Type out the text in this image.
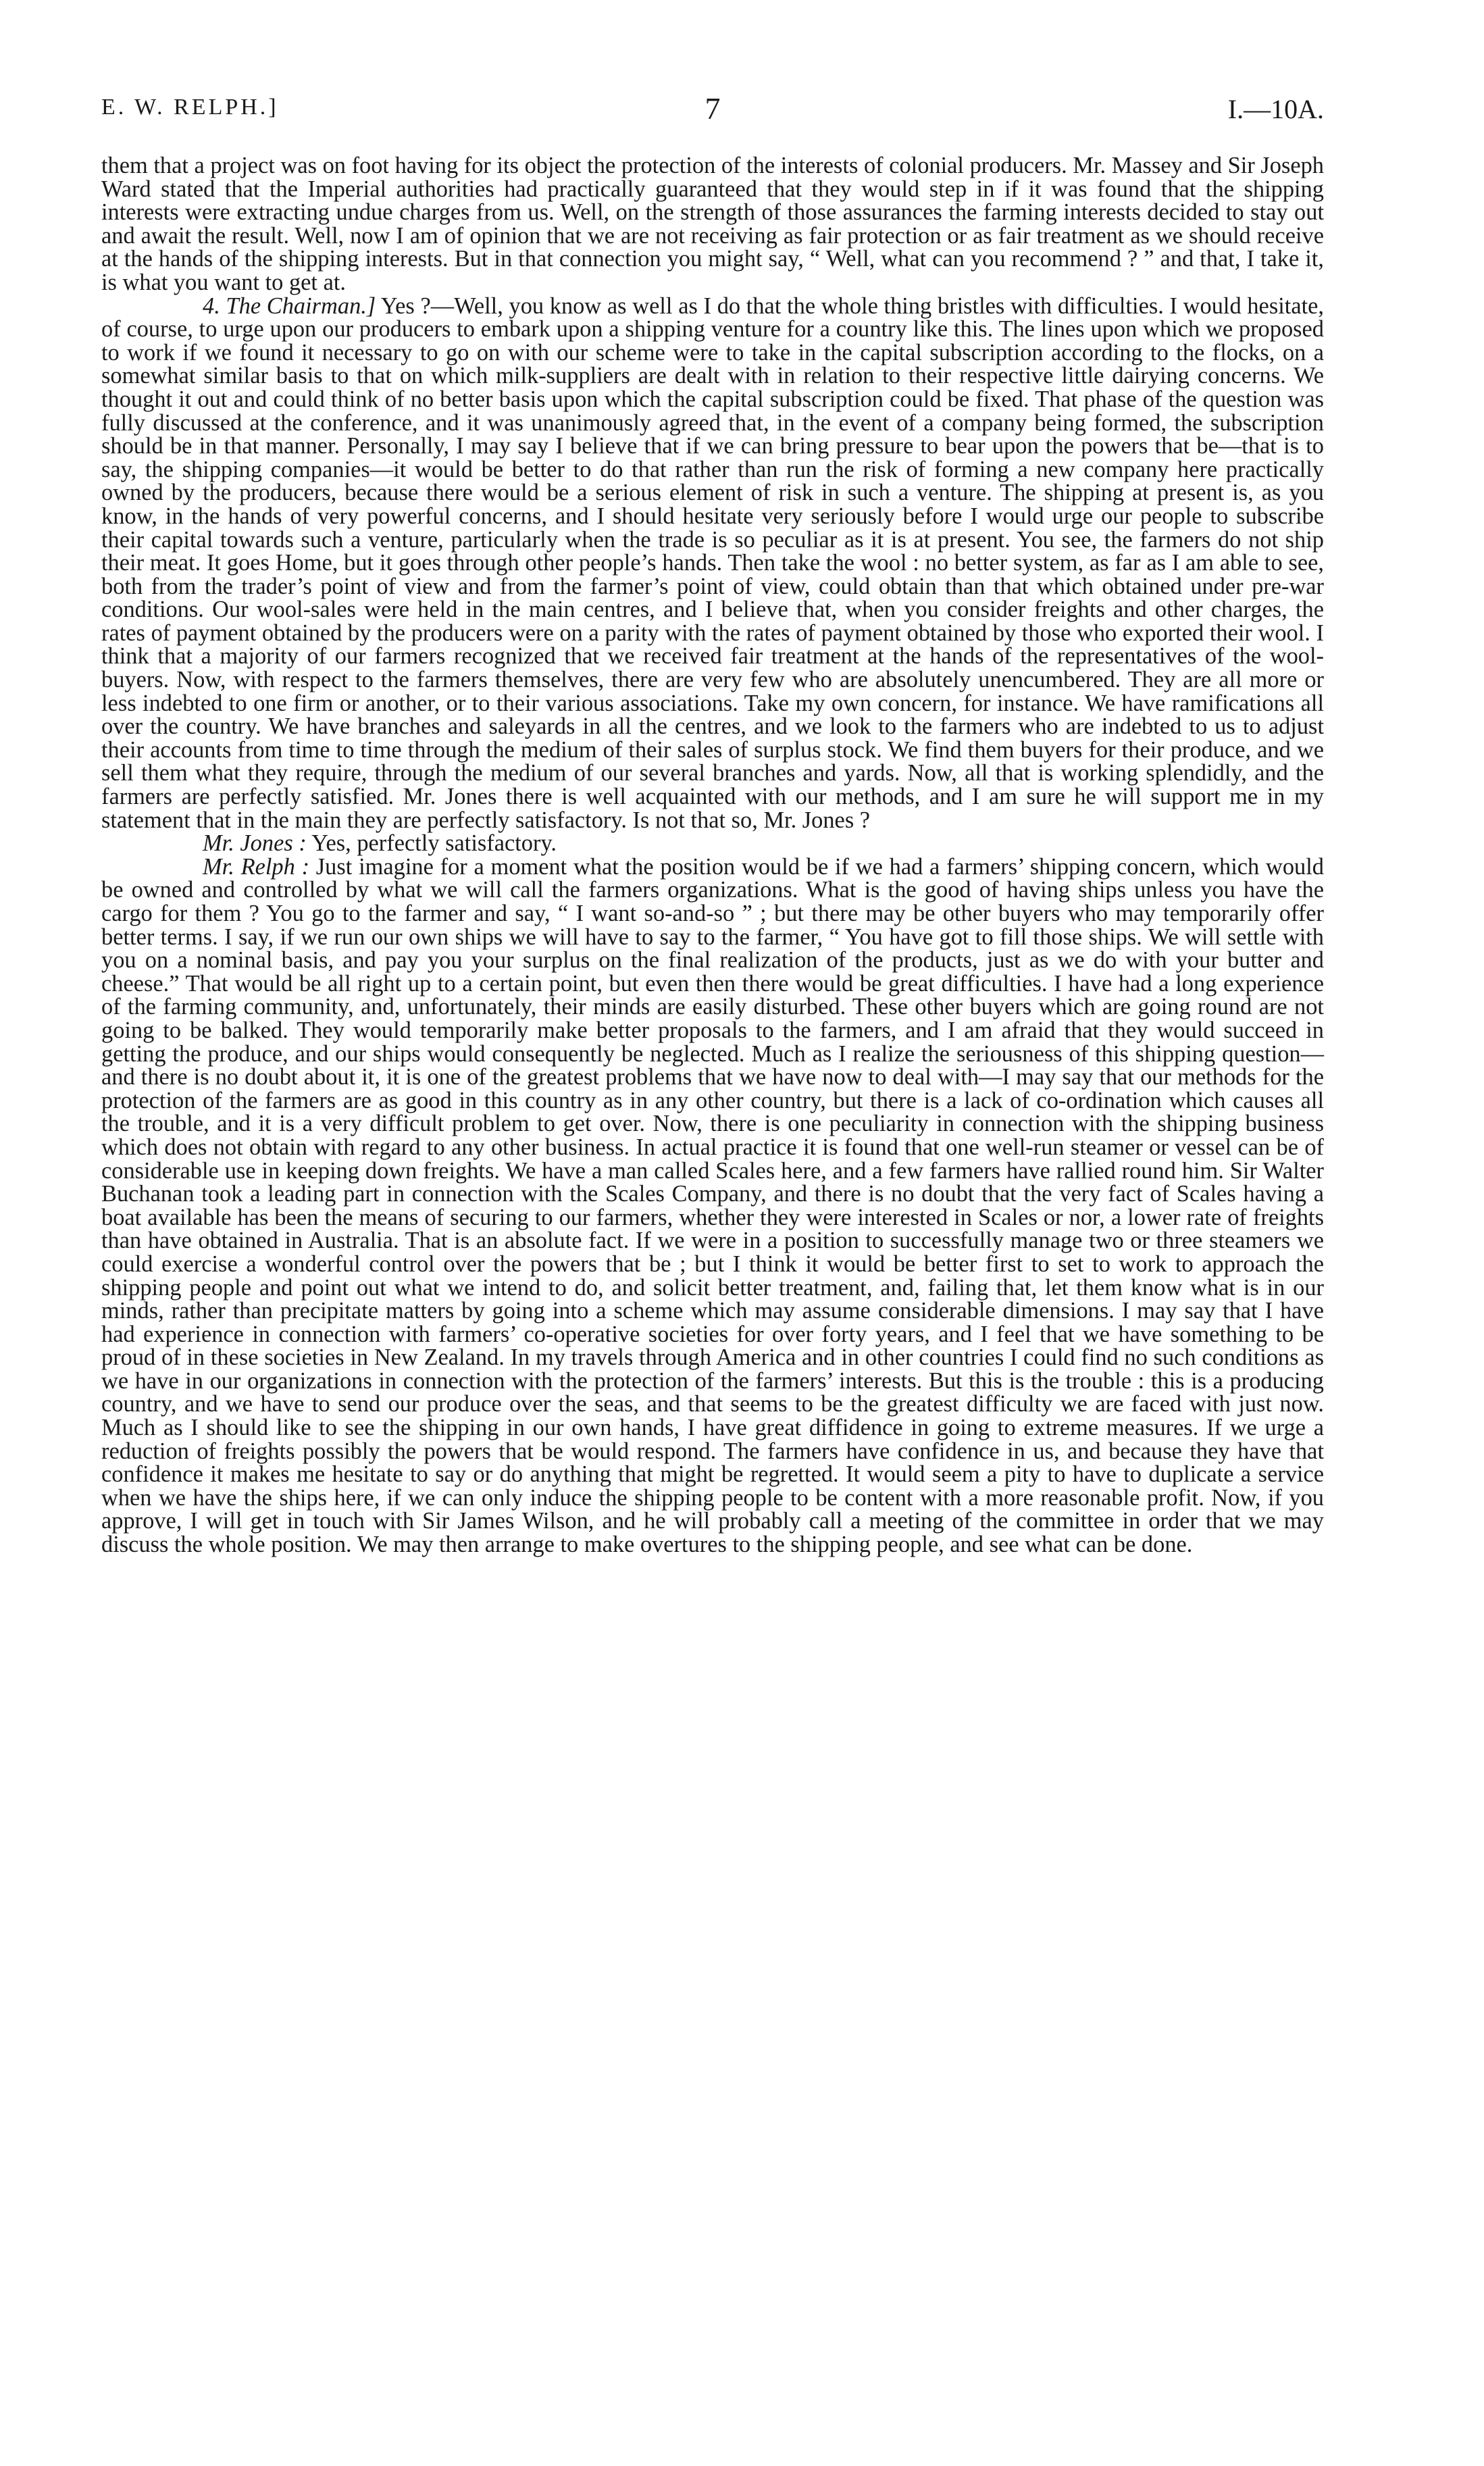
E. W. RELPH.]	7	I.—10A.

them that a project was on foot having for its object the protection of the interests of colonial producers. Mr. Massey and Sir Joseph Ward stated that the Imperial authorities had practically guaranteed that they would step in if it was found that the shipping interests were extracting undue charges from us. Well, on the strength of those assurances the farming interests decided to stay out and await the result. Well, now I am of opinion that we are not receiving as fair protection or as fair treatment as we should receive at the hands of the shipping interests. But in that connection you might say, “ Well, what can you recommend ? ” and that, I take it, is what you want to get at.

4. The Chairman.] Yes ?—Well, you know as well as I do that the whole thing bristles with difficulties. I would hesitate, of course, to urge upon our producers to embark upon a shipping venture for a country like this. The lines upon which we proposed to work if we found it necessary to go on with our scheme were to take in the capital subscription according to the flocks, on a somewhat similar basis to that on which milk-suppliers are dealt with in relation to their respective little dairying concerns. We thought it out and could think of no better basis upon which the capital subscription could be fixed. That phase of the question was fully discussed at the conference, and it was unanimously agreed that, in the event of a company being formed, the subscription should be in that manner. Personally, I may say I believe that if we can bring pressure to bear upon the powers that be—that is to say, the shipping companies—it would be better to do that rather than run the risk of forming a new company here practically owned by the producers, because there would be a serious element of risk in such a venture. The shipping at present is, as you know, in the hands of very powerful concerns, and I should hesitate very seriously before I would urge our people to subscribe their capital towards such a venture, particularly when the trade is so peculiar as it is at present. You see, the farmers do not ship their meat. It goes Home, but it goes through other people’s hands. Then take the wool : no better system, as far as I am able to see, both from the trader’s point of view and from the farmer’s point of view, could obtain than that which obtained under pre-war conditions. Our wool-sales were held in the main centres, and I believe that, when you consider freights and other charges, the rates of payment obtained by the producers were on a parity with the rates of payment obtained by those who exported their wool. I think that a majority of our farmers recognized that we received fair treatment at the hands of the representatives of the wool-buyers. Now, with respect to the farmers themselves, there are very few who are absolutely unencumbered. They are all more or less indebted to one firm or another, or to their various associations. Take my own concern, for instance. We have ramifications all over the country. We have branches and saleyards in all the centres, and we look to the farmers who are indebted to us to adjust their accounts from time to time through the medium of their sales of surplus stock. We find them buyers for their produce, and we sell them what they require, through the medium of our several branches and yards. Now, all that is working splendidly, and the farmers are perfectly satisfied. Mr. Jones there is well acquainted with our methods, and I am sure he will support me in my statement that in the main they are perfectly satisfactory. Is not that so, Mr. Jones ?

Mr. Jones : Yes, perfectly satisfactory.

Mr. Relph : Just imagine for a moment what the position would be if we had a farmers’ shipping concern, which would be owned and controlled by what we will call the farmers organizations. What is the good of having ships unless you have the cargo for them ? You go to the farmer and say, “ I want so-and-so ” ; but there may be other buyers who may temporarily offer better terms. I say, if we run our own ships we will have to say to the farmer, “ You have got to fill those ships. We will settle with you on a nominal basis, and pay you your surplus on the final realization of the products, just as we do with your butter and cheese.” That would be all right up to a certain point, but even then there would be great difficulties. I have had a long experience of the farming community, and, unfortunately, their minds are easily disturbed. These other buyers which are going round are not going to be balked. They would temporarily make better proposals to the farmers, and I am afraid that they would succeed in getting the produce, and our ships would consequently be neglected. Much as I realize the seriousness of this shipping question—and there is no doubt about it, it is one of the greatest problems that we have now to deal with—I may say that our methods for the protection of the farmers are as good in this country as in any other country, but there is a lack of co-ordination which causes all the trouble, and it is a very difficult problem to get over. Now, there is one peculiarity in connection with the shipping business which does not obtain with regard to any other business. In actual practice it is found that one well-run steamer or vessel can be of considerable use in keeping down freights. We have a man called Scales here, and a few farmers have rallied round him. Sir Walter Buchanan took a leading part in connection with the Scales Company, and there is no doubt that the very fact of Scales having a boat available has been the means of securing to our farmers, whether they were interested in Scales or nor, a lower rate of freights than have obtained in Australia. That is an absolute fact. If we were in a position to successfully manage two or three steamers we could exercise a wonderful control over the powers that be ; but I think it would be better first to set to work to approach the shipping people and point out what we intend to do, and solicit better treatment, and, failing that, let them know what is in our minds, rather than precipitate matters by going into a scheme which may assume considerable dimensions. I may say that I have had experience in connection with farmers’ co-operative societies for over forty years, and I feel that we have something to be proud of in these societies in New Zealand. In my travels through America and in other countries I could find no such conditions as we have in our organizations in connection with the protection of the farmers’ interests. But this is the trouble : this is a producing country, and we have to send our produce over the seas, and that seems to be the greatest difficulty we are faced with just now. Much as I should like to see the shipping in our own hands, I have great diffidence in going to extreme measures. If we urge a reduction of freights possibly the powers that be would respond. The farmers have confidence in us, and because they have that confidence it makes me hesitate to say or do anything that might be regretted. It would seem a pity to have to duplicate a service when we have the ships here, if we can only induce the shipping people to be content with a more reasonable profit. Now, if you approve, I will get in touch with Sir James Wilson, and he will probably call a meeting of the committee in order that we may discuss the whole position. We may then arrange to make overtures to the shipping people, and see what can be done.
